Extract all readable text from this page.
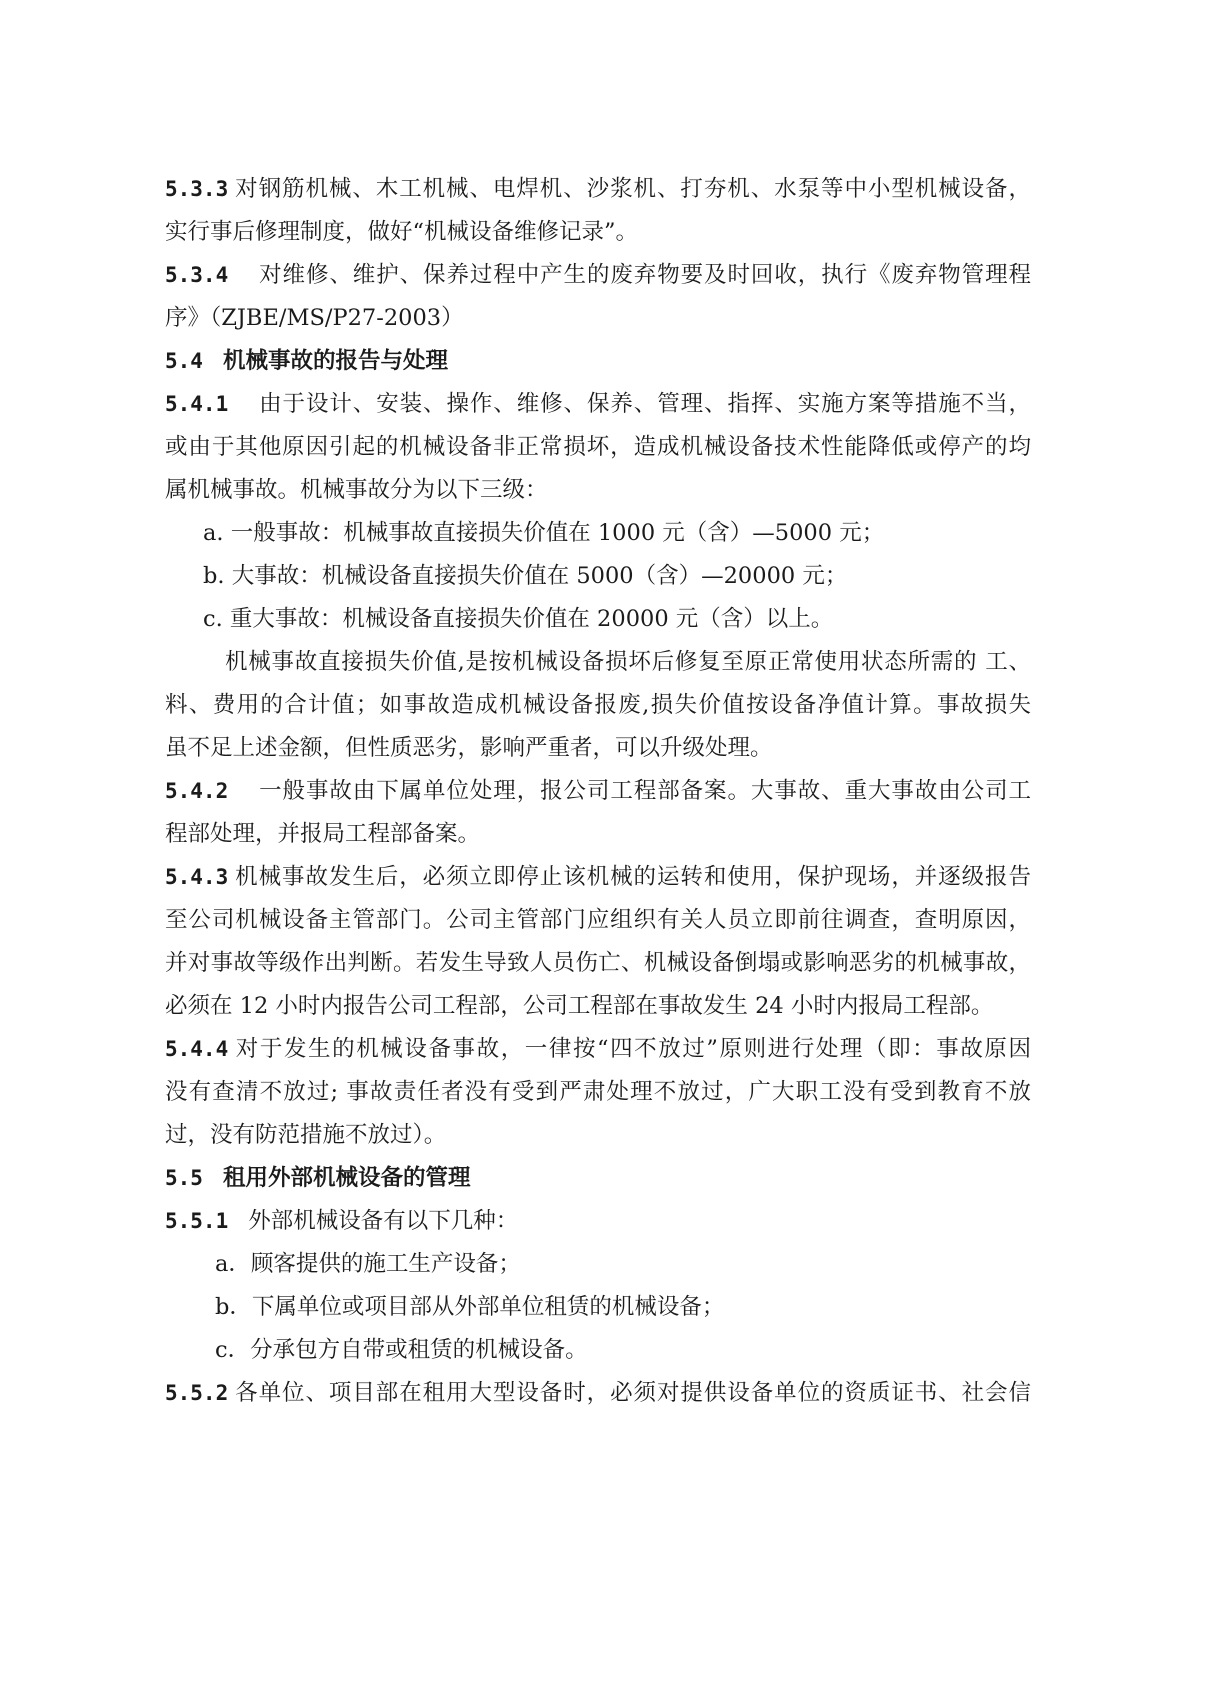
5.3.3 对钢筋机械、木工机械、电焊机、沙浆机、打夯机、水泵等中小型机械设备，
实行事后修理制度，做好“机械设备维修记录”。
5.3.4 对维修、维护、保养过程中产生的废弃物要及时回收，执行《废弃物管理程
序》（ZJBE/MS/P27-2003）
5.4 机械事故的报告与处理
5.4.1 由于设计、安装、操作、维修、保养、管理、指挥、实施方案等措施不当，
或由于其他原因引起的机械设备非正常损坏，造成机械设备技术性能降低或停产的均
属机械事故。机械事故分为以下三级：
a. 一般事故：机械事故直接损失价值在 1000 元（含）—5000 元；
b. 大事故：机械设备直接损失价值在 5000（含）—20000 元；
c. 重大事故：机械设备直接损失价值在 20000 元（含）以上。
机械事故直接损失价值,是按机械设备损坏后修复至原正常使用状态所需的 工、
料、费用的合计值；如事故造成机械设备报废,损失价值按设备净值计算。事故损失
虽不足上述金额，但性质恶劣，影响严重者，可以升级处理。
5.4.2 一般事故由下属单位处理，报公司工程部备案。大事故、重大事故由公司工
程部处理，并报局工程部备案。
5.4.3 机械事故发生后，必须立即停止该机械的运转和使用，保护现场，并逐级报告
至公司机械设备主管部门。公司主管部门应组织有关人员立即前往调查，查明原因，
并对事故等级作出判断。若发生导致人员伤亡、机械设备倒塌或影响恶劣的机械事故，
必须在 12 小时内报告公司工程部，公司工程部在事故发生 24 小时内报局工程部。
5.4.4 对于发生的机械设备事故，一律按“四不放过”原则进行处理（即：事故原因
没有查清不放过; 事故责任者没有受到严肃处理不放过，广大职工没有受到教育不放
过，没有防范措施不放过）。
5.5 租用外部机械设备的管理
5.5.1 外部机械设备有以下几种：
a．顾客提供的施工生产设备；
b．下属单位或项目部从外部单位租赁的机械设备；
c．分承包方自带或租赁的机械设备。
5.5.2 各单位、项目部在租用大型设备时，必须对提供设备单位的资质证书、社会信
